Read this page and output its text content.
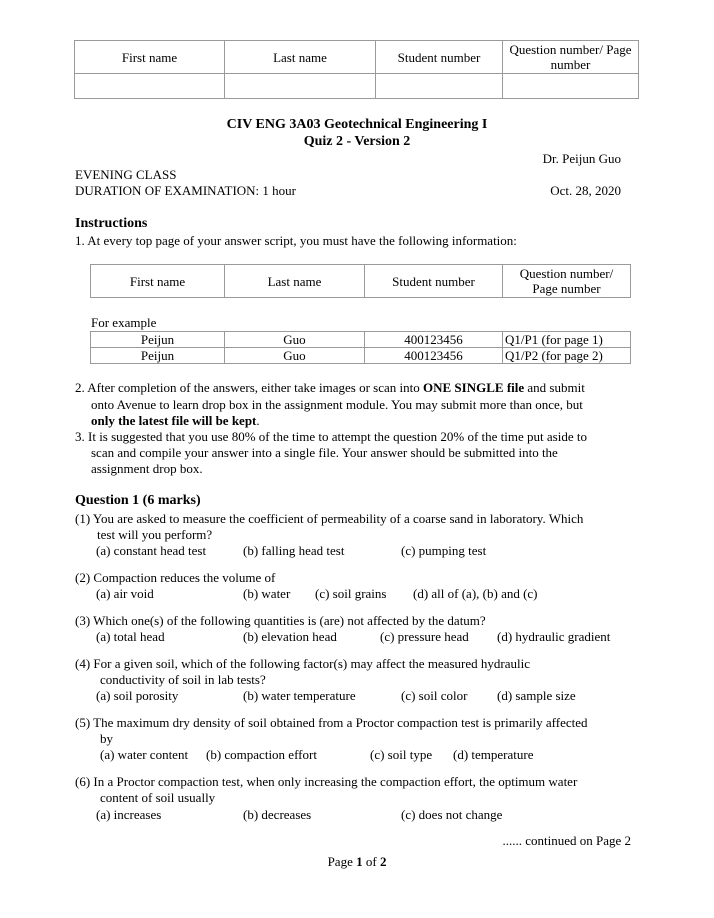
First name	Last name	Student number	Question number/ Page number

CIV ENG 3A03 Geotechnical Engineering I
Quiz 2 - Version 2
Dr. Peijun Guo
EVENING CLASS
DURATION OF EXAMINATION: 1 hour	Oct. 28, 2020
Instructions
1. At every top page of your answer script, you must have the following information:
First name	Last name	Student number	Question number/ Page number
For example
Peijun	Guo	400123456	Q1/P1 (for page 1)
Peijun	Guo	400123456	Q1/P2 (for page 2)
2. After completion of the answers, either take images or scan into ONE SINGLE file and submit
onto Avenue to learn drop box in the assignment module. You may submit more than once, but
only the latest file will be kept.
3. It is suggested that you use 80% of the time to attempt the question 20% of the time put aside to
scan and compile your answer into a single file. Your answer should be submitted into the
assignment drop box.
Question 1 (6 marks)
(1) You are asked to measure the coefficient of permeability of a coarse sand in laboratory. Which
test will you perform?
(a) constant head test	(b) falling head test	(c) pumping test
(2) Compaction reduces the volume of
(a) air void	(b) water (c) soil grains (d) all of (a), (b) and (c)
(3) Which one(s) of the following quantities is (are) not affected by the datum?
(a) total head	(b) elevation head	(c) pressure head (d) hydraulic gradient
(4) For a given soil, which of the following factor(s) may affect the measured hydraulic
conductivity of soil in lab tests?
(a) soil porosity	(b) water temperature	(c) soil color (d) sample size
(5) The maximum dry density of soil obtained from a Proctor compaction test is primarily affected
by
(a) water content (b) compaction effort	(c) soil type (d) temperature
(6) In a Proctor compaction test, when only increasing the compaction effort, the optimum water
content of soil usually
(a) increases	(b) decreases	(c) does not change
...... continued on Page 2
Page 1 of 2
